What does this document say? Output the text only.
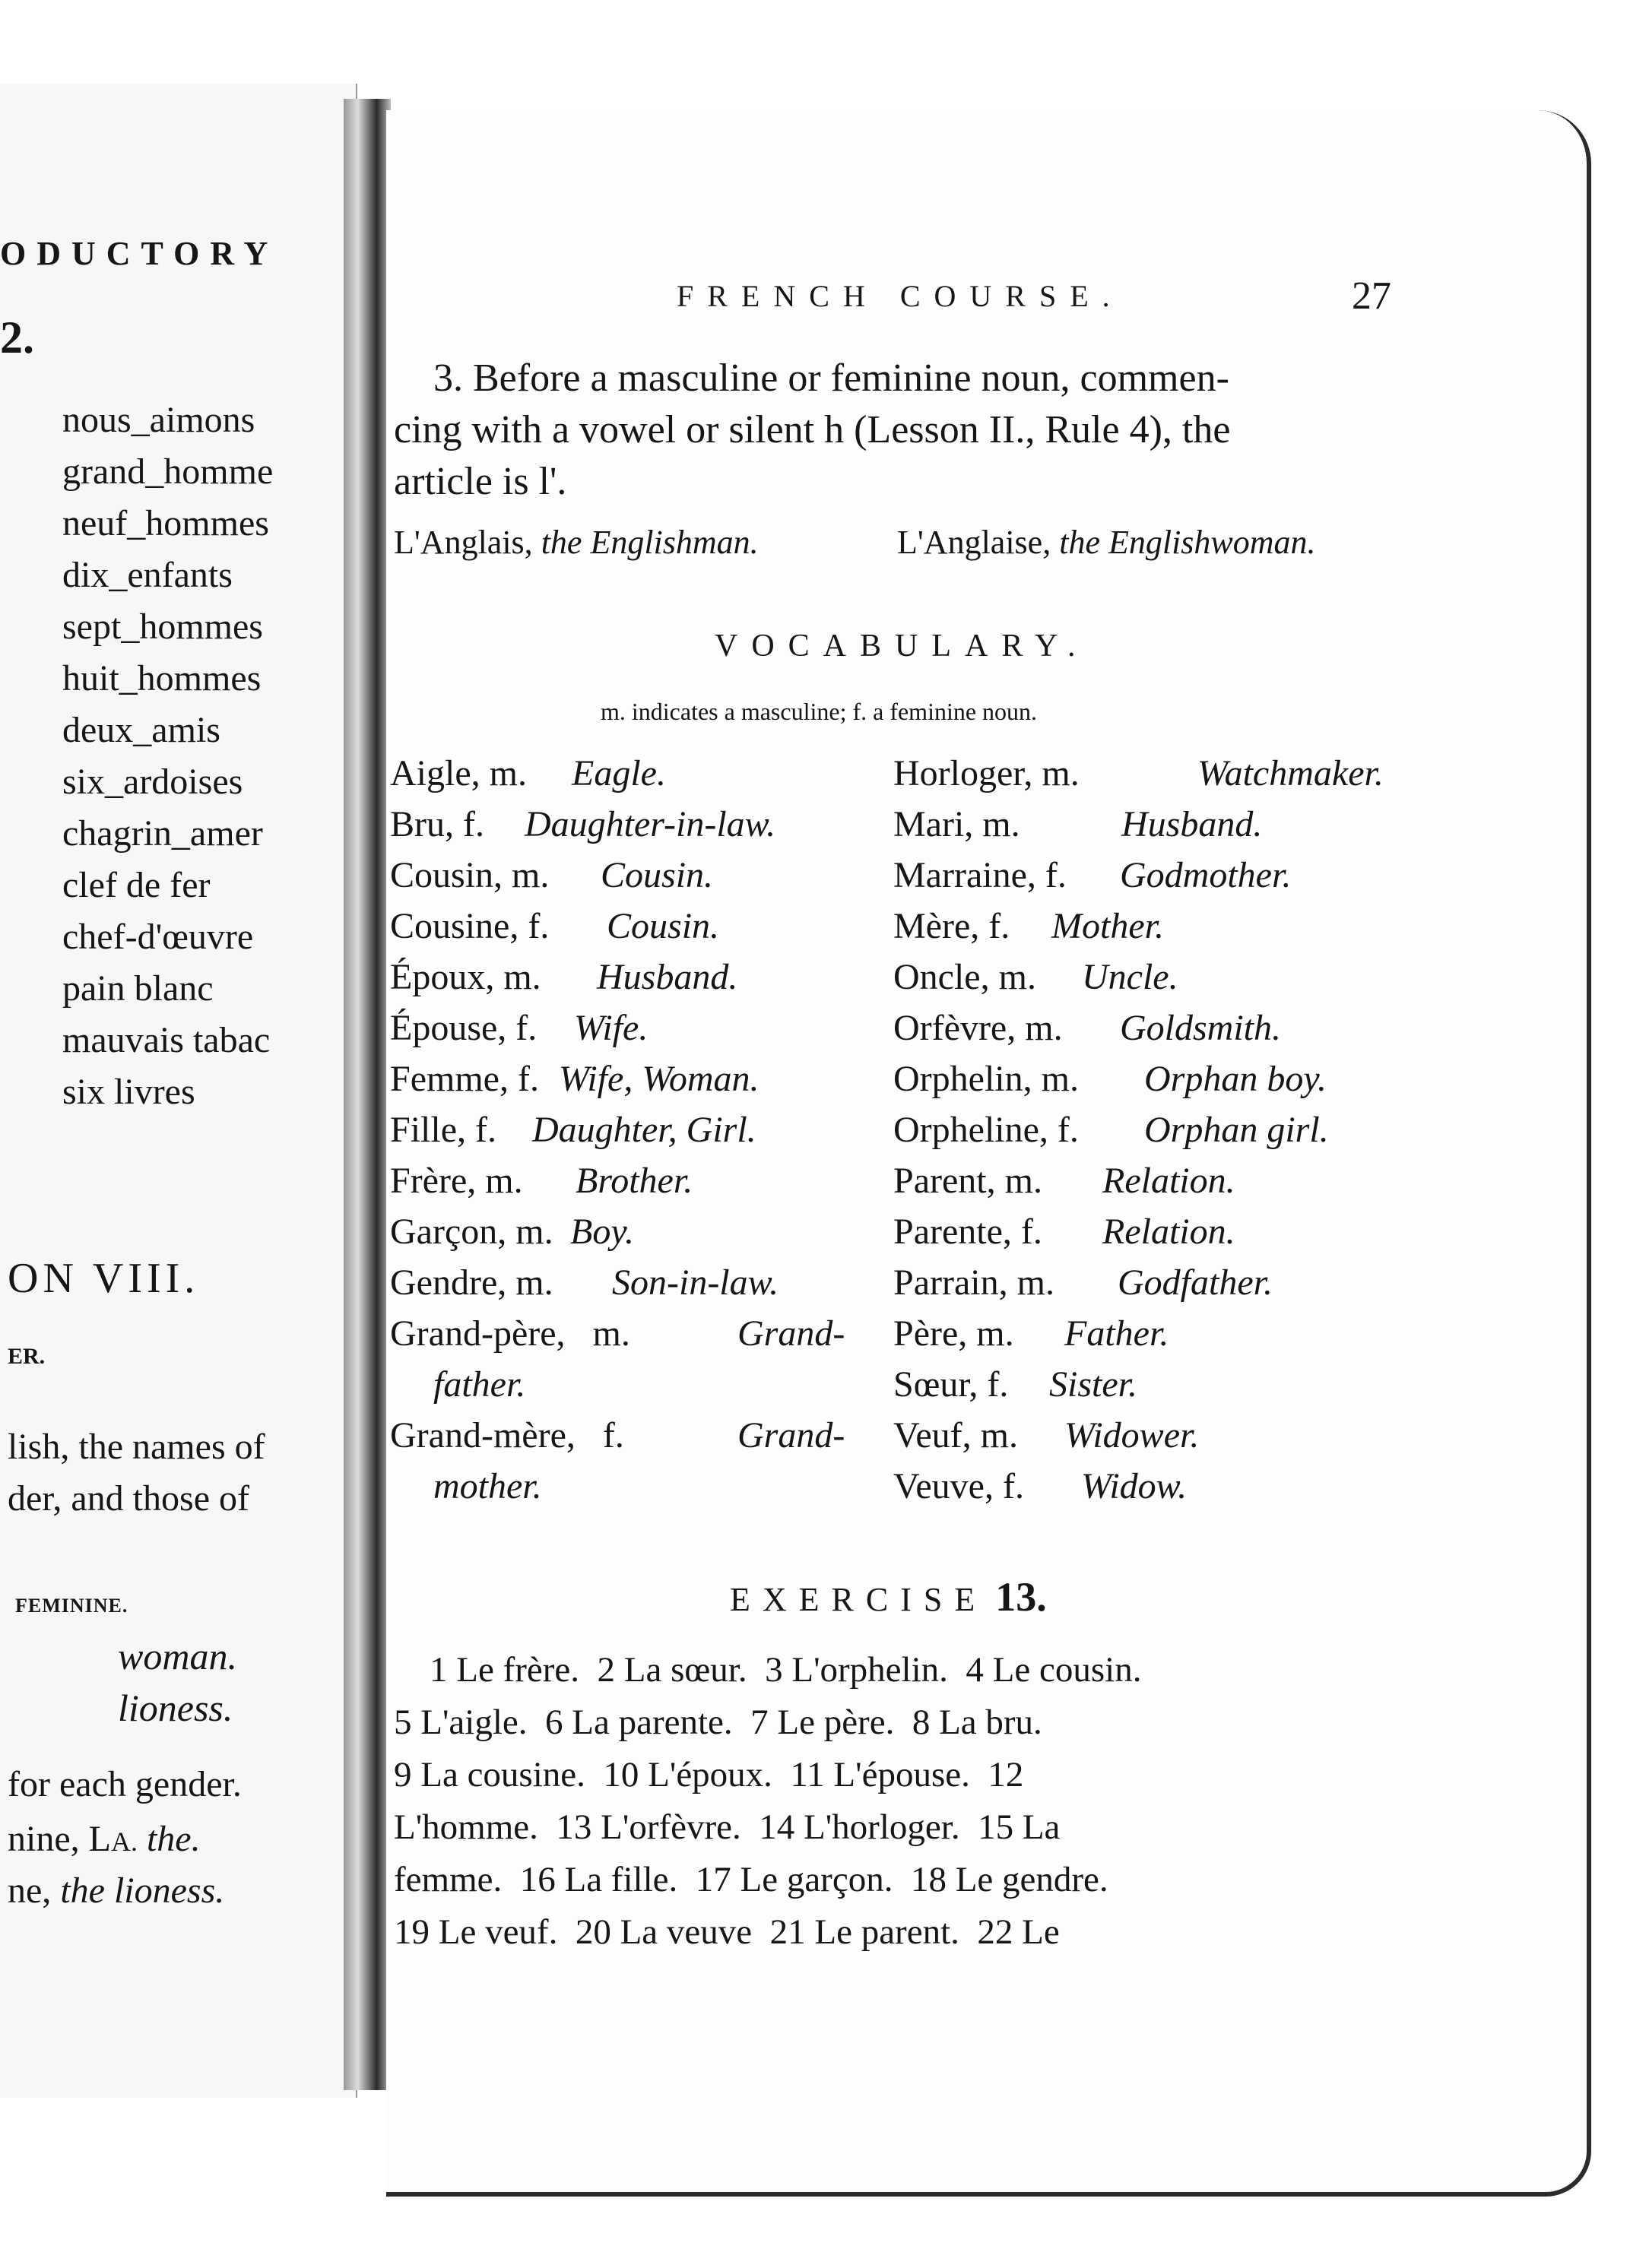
ODUCTORY
2.
nous_aimons
grand_homme
neuf_hommes
dix_enfants
sept_hommes
huit_hommes
deux_amis
six_ardoises
chagrin_amer
clef de fer
chef-d'œuvre
pain blanc
mauvais tabac
six livres
ON VIII.
ER.
lish, the names of
der, and those of
FEMININE.
woman.
lioness.
for each gender.
nine, LA. the.
ne, the lioness.
FRENCH COURSE.	27
3. Before a masculine or feminine noun, commen-
cing with a vowel or silent h (Lesson II., Rule 4), the
article is l'.
L'Anglais, the Englishman.	L'Anglaise, the Englishwoman.
VOCABULARY.
m. indicates a masculine; f. a feminine noun.
Aigle, m. Eagle.
Bru, f. Daughter-in-law.
Cousin, m. Cousin.
Cousine, f. Cousin.
Époux, m. Husband.
Épouse, f. Wife.
Femme, f. Wife, Woman.
Fille, f. Daughter, Girl.
Frère, m. Brother.
Garçon, m. Boy.
Gendre, m. Son-in-law.
Grand-père,   m.	Grand-
father.
Grand-mère,   f.	Grand-
mother.
Horloger, m.	Watchmaker.
Mari, m.	Husband.
Marraine, f. Godmother.
Mère, f. Mother.
Oncle, m. Uncle.
Orfèvre, m. Goldsmith.
Orphelin, m. Orphan boy.
Orpheline, f. Orphan girl.
Parent, m. Relation.
Parente, f. Relation.
Parrain, m. Godfather.
Père, m. Father.
Sœur, f. Sister.
Veuf, m. Widower.
Veuve, f. Widow.
EXERCISE 13.
1 Le frère.  2 La sœur.  3 L'orphelin.  4 Le cousin.
5 L'aigle.  6 La parente.  7 Le père.  8 La bru.
9 La cousine.  10 L'époux.  11 L'épouse.  12
L'homme.  13 L'orfèvre.  14 L'horloger.  15 La
femme.  16 La fille.  17 Le garçon.  18 Le gendre.
19 Le veuf.  20 La veuve  21 Le parent.  22 Le
